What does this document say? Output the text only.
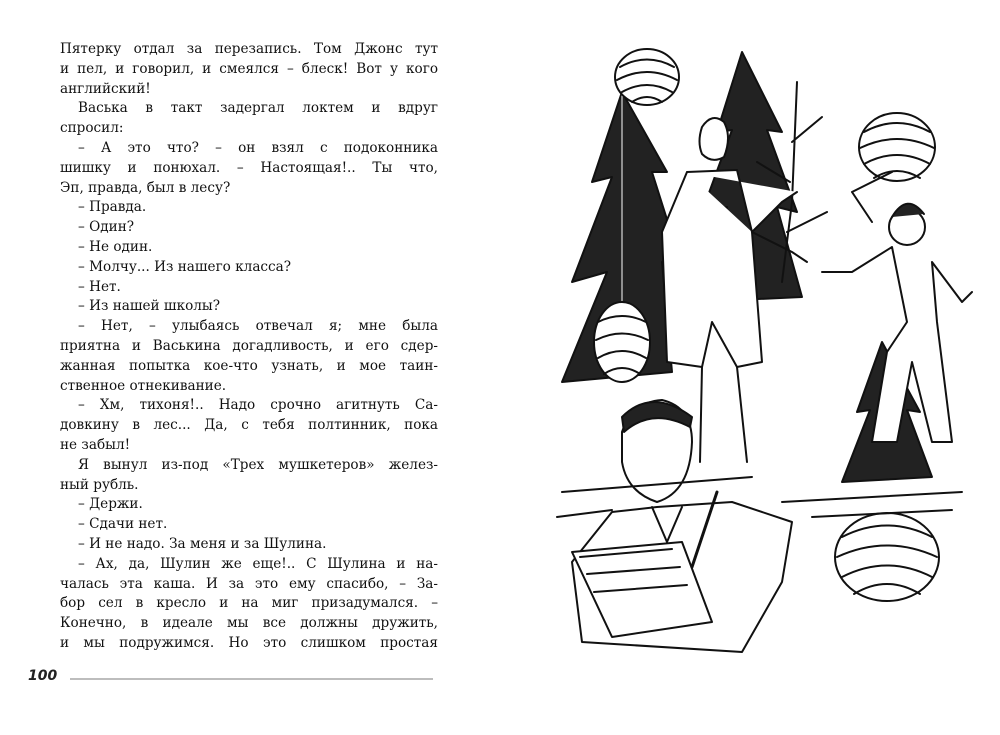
Пятерку отдал за перезапись. Том Джонс тут
и пел, и говорил, и смеялся – блеск! Вот у кого
английский!
Васька в такт задергал локтем и вдруг
спросил:
– А это что? – он взял с подоконника
шишку и понюхал. – Настоящая!.. Ты что,
Эп, правда, был в лесу?
– Правда.
– Один?
– Не один.
– Молчу... Из нашего класса?
– Нет.
– Из нашей школы?
– Нет, – улыбаясь отвечал я; мне была
приятна и Васькина догадливость, и его сдер-
жанная попытка кое-что узнать, и мое таин-
ственное отнекивание.
– Хм, тихоня!.. Надо срочно агитнуть Са-
довкину в лес... Да, с тебя полтинник, пока
не забыл!
Я вынул из-под «Трех мушкетеров» желез-
ный рубль.
– Держи.
– Сдачи нет.
– И не надо. За меня и за Шулина.
– Ах, да, Шулин же еще!.. С Шулина и на-
чалась эта каша. И за это ему спасибо, – За-
бор сел в кресло и на миг призадумался. –
Конечно, в идеале мы все должны дружить,
и мы подружимся. Но это слишком простая
100
